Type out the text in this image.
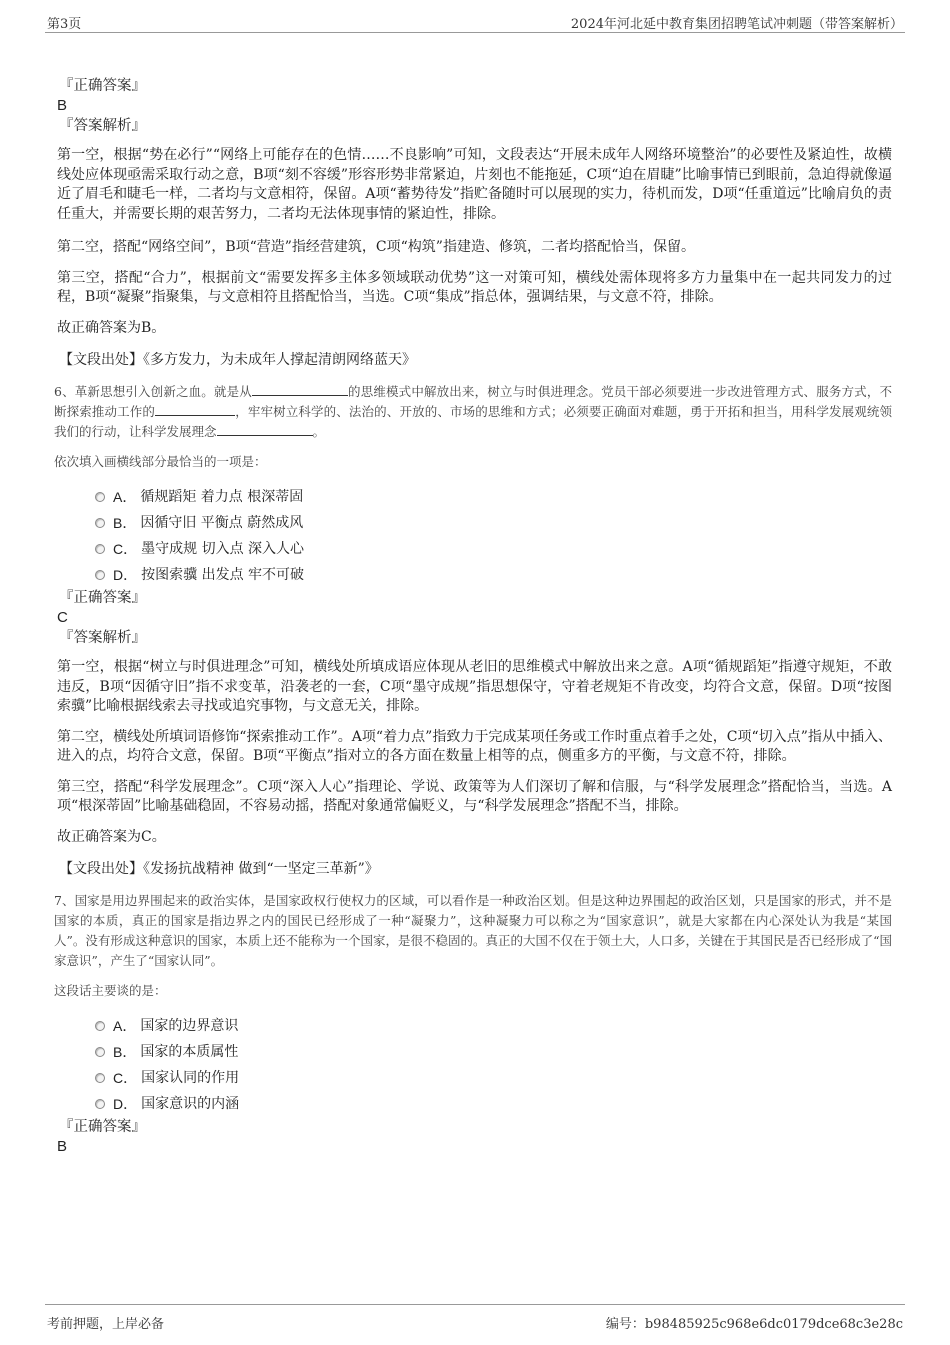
第3页	2024年河北延中教育集团招聘笔试冲刺题（带答案解析）
『正确答案』
B
『答案解析』

第一空，根据“势在必行”“网络上可能存在的色情……不良影响”可知，文段表达“开展未成年人网络环境整治”的必要性及紧迫性，故横线处应体现亟需采取行动之意，B项“刻不容缓”形容形势非常紧迫，片刻也不能拖延，C项“迫在眉睫”比喻事情已到眼前，急迫得就像逼近了眉毛和睫毛一样，二者均与文意相符，保留。A项“蓄势待发”指贮备随时可以展现的实力，待机而发，D项“任重道远”比喻肩负的责任重大，并需要长期的艰苦努力，二者均无法体现事情的紧迫性，排除。

第二空，搭配“网络空间”，B项“营造”指经营建筑，C项“构筑”指建造、修筑，二者均搭配恰当，保留。

第三空，搭配“合力”，根据前文“需要发挥多主体多领域联动优势”这一对策可知，横线处需体现将多方力量集中在一起共同发力的过程，B项“凝聚”指聚集，与文意相符且搭配恰当，当选。C项“集成”指总体，强调结果，与文意不符，排除。

故正确答案为B。

【文段出处】《多方发力，为未成年人撑起清朗网络蓝天》

6、革新思想引入创新之血。就是从	的思维模式中解放出来，树立与时俱进理念。党员干部必须要进一步改进管理方式、服务方式，不断探索推动工作的	，牢牢树立科学的、法治的、开放的、市场的思维和方式；必须要正确面对难题，勇于开拓和担当，用科学发展观统领我们的行动，让科学发展理念	。

依次填入画横线部分最恰当的一项是：
A． 循规蹈矩 着力点 根深蒂固
B． 因循守旧 平衡点 蔚然成风
C． 墨守成规 切入点 深入人心
D． 按图索骥 出发点 牢不可破
『正确答案』
C
『答案解析』

第一空，根据“树立与时俱进理念”可知，横线处所填成语应体现从老旧的思维模式中解放出来之意。A项“循规蹈矩”指遵守规矩，不敢违反，B项“因循守旧”指不求变革，沿袭老的一套，C项“墨守成规”指思想保守，守着老规矩不肯改变，均符合文意，保留。D项“按图索骥”比喻根据线索去寻找或追究事物，与文意无关，排除。

第二空，横线处所填词语修饰“探索推动工作”。A项“着力点”指致力于完成某项任务或工作时重点着手之处，C项“切入点”指从中插入、进入的点，均符合文意，保留。B项“平衡点”指对立的各方面在数量上相等的点，侧重多方的平衡，与文意不符，排除。

第三空，搭配“科学发展理念”。C项“深入人心”指理论、学说、政策等为人们深切了解和信服，与“科学发展理念”搭配恰当，当选。A项“根深蒂固”比喻基础稳固，不容易动摇，搭配对象通常偏贬义，与“科学发展理念”搭配不当，排除。

故正确答案为C。

【文段出处】《发扬抗战精神 做到“一坚定三革新”》

7、国家是用边界围起来的政治实体，是国家政权行使权力的区域，可以看作是一种政治区划。但是这种边界围起的政治区划，只是国家的形式，并不是国家的本质，真正的国家是指边界之内的国民已经形成了一种“凝聚力”，这种凝聚力可以称之为“国家意识”，就是大家都在内心深处认为我是“某国人”。没有形成这种意识的国家，本质上还不能称为一个国家，是很不稳固的。真正的大国不仅在于领土大，人口多，关键在于其国民是否已经形成了“国家意识”，产生了“国家认同”。

这段话主要谈的是：
A． 国家的边界意识
B． 国家的本质属性
C． 国家认同的作用
D． 国家意识的内涵
『正确答案』
B
考前押题，上岸必备	编号：b98485925c968e6dc0179dce68c3e28c
